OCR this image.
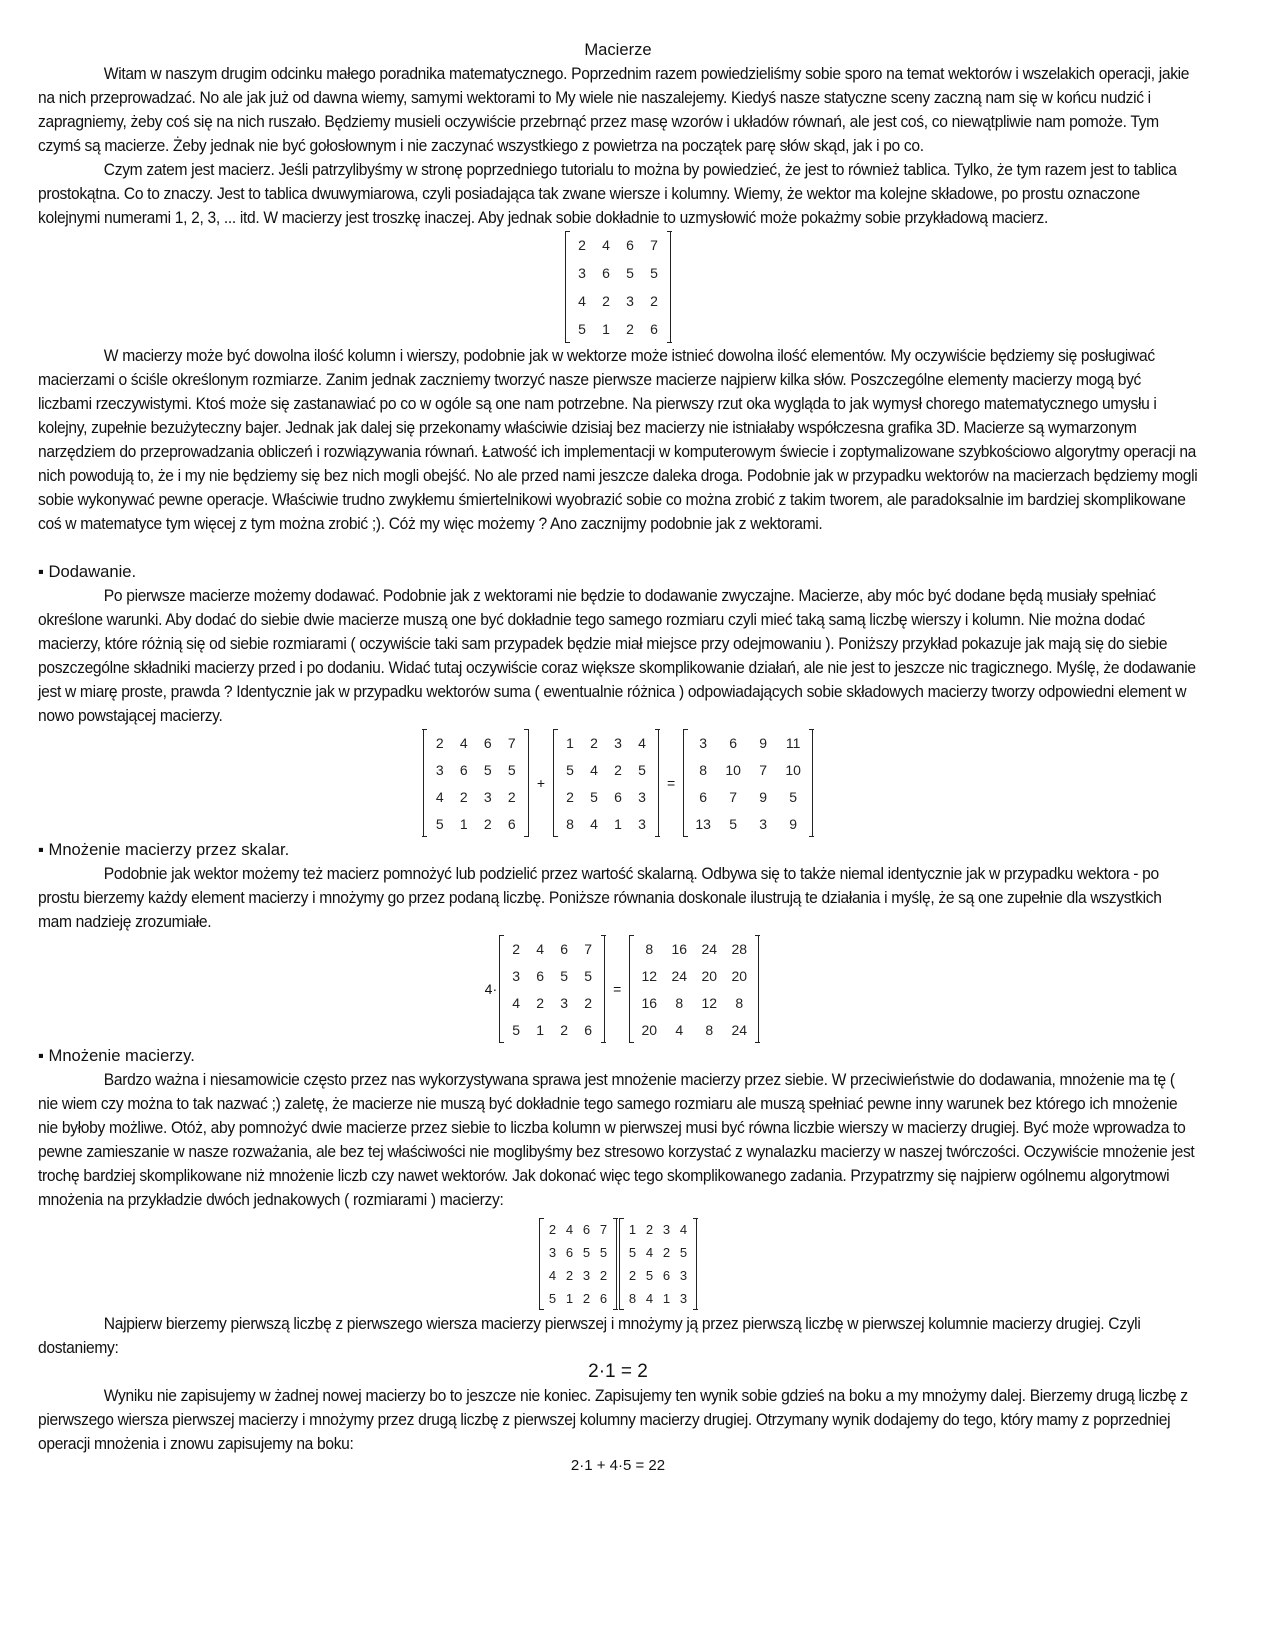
Macierze

Witam w naszym drugim odcinku małego poradnika matematycznego. Poprzednim razem powiedzieliśmy sobie sporo na temat wektorów i wszelakich operacji, jakie na nich przeprowadzać. No ale jak już od dawna wiemy, samymi wektorami to My wiele nie naszalejemy. Kiedyś nasze statyczne sceny zaczną nam się w końcu nudzić i zapragniemy, żeby coś się na nich ruszało. Będziemy musieli oczywiście przebrnąć przez masę wzorów i układów równań, ale jest coś, co niewątpliwie nam pomoże. Tym czymś są macierze. Żeby jednak nie być gołosłownym i nie zaczynać wszystkiego z powietrza na początek parę słów skąd, jak i po co.

Czym zatem jest macierz. Jeśli patrzylibyśmy w stronę poprzedniego tutorialu to można by powiedzieć, że jest to również tablica. Tylko, że tym razem jest to tablica prostokątna. Co to znaczy. Jest to tablica dwuwymiarowa, czyli posiadająca tak zwane wiersze i kolumny. Wiemy, że wektor ma kolejne składowe, po prostu oznaczone kolejnymi numerami 1, 2, 3, ... itd. W macierzy jest troszkę inaczej. Aby jednak sobie dokładnie to uzmysłowić może pokażmy sobie przykładową macierz.

2	4	6	7
3	6	5	5
4	2	3	2
5	1	2	6

W macierzy może być dowolna ilość kolumn i wierszy, podobnie jak w wektorze może istnieć dowolna ilość elementów. My oczywiście będziemy się posługiwać macierzami o ściśle określonym rozmiarze. Zanim jednak zaczniemy tworzyć nasze pierwsze macierze najpierw kilka słów. Poszczególne elementy macierzy mogą być liczbami rzeczywistymi. Ktoś może się zastanawiać po co w ogóle są one nam potrzebne. Na pierwszy rzut oka wygląda to jak wymysł chorego matematycznego umysłu i kolejny, zupełnie bezużyteczny bajer. Jednak jak dalej się przekonamy właściwie dzisiaj bez macierzy nie istniałaby współczesna grafika 3D. Macierze są wymarzonym narzędziem do przeprowadzania obliczeń i rozwiązywania równań. Łatwość ich implementacji w komputerowym świecie i zoptymalizowane szybkościowo algorytmy operacji na nich powodują to, że i my nie będziemy się bez nich mogli obejść. No ale przed nami jeszcze daleka droga. Podobnie jak w przypadku wektorów na macierzach będziemy mogli sobie wykonywać pewne operacje. Właściwie trudno zwykłemu śmiertelnikowi wyobrazić sobie co można zrobić z takim tworem, ale paradoksalnie im bardziej skomplikowane coś w matematyce tym więcej z tym można zrobić ;). Cóż my więc możemy ? Ano zacznijmy podobnie jak z wektorami.

▪ Dodawanie.

Po pierwsze macierze możemy dodawać. Podobnie jak z wektorami nie będzie to dodawanie zwyczajne. Macierze, aby móc być dodane będą musiały spełniać określone warunki. Aby dodać do siebie dwie macierze muszą one być dokładnie tego samego rozmiaru czyli mieć taką samą liczbę wierszy i kolumn. Nie można dodać macierzy, które różnią się od siebie rozmiarami ( oczywiście taki sam przypadek będzie miał miejsce przy odejmowaniu ). Poniższy przykład pokazuje jak mają się do siebie poszczególne składniki macierzy przed i po dodaniu. Widać tutaj oczywiście coraz większe skomplikowanie działań, ale nie jest to jeszcze nic tragicznego. Myślę, że dodawanie jest w miarę proste, prawda ? Identycznie jak w przypadku wektorów suma ( ewentualnie różnica ) odpowiadających sobie składowych macierzy tworzy odpowiedni element w nowo powstającej macierzy.

2	4	6	7
3	6	5	5
4	2	3	2
5	1	2	6
+
1	2	3	4
5	4	2	5
2	5	6	3
8	4	1	3
=
3	6	9	11
8	10	7	10
6	7	9	5
13	5	3	9

▪ Mnożenie macierzy przez skalar.

Podobnie jak wektor możemy też macierz pomnożyć lub podzielić przez wartość skalarną. Odbywa się to także niemal identycznie jak w przypadku wektora - po prostu bierzemy każdy element macierzy i mnożymy go przez podaną liczbę. Poniższe równania doskonale ilustrują te działania i myślę, że są one zupełnie dla wszystkich mam nadzieję zrozumiałe.

4·
2	4	6	7
3	6	5	5
4	2	3	2
5	1	2	6
=
8	16	24	28
12	24	20	20
16	8	12	8
20	4	8	24

▪ Mnożenie macierzy.

Bardzo ważna i niesamowicie często przez nas wykorzystywana sprawa jest mnożenie macierzy przez siebie. W przeciwieństwie do dodawania, mnożenie ma tę ( nie wiem czy można to tak nazwać ;) zaletę, że macierze nie muszą być dokładnie tego samego rozmiaru ale muszą spełniać pewne inny warunek bez którego ich mnożenie nie byłoby możliwe. Otóż, aby pomnożyć dwie macierze przez siebie to liczba kolumn w pierwszej musi być równa liczbie wierszy w macierzy drugiej. Być może wprowadza to pewne zamieszanie w nasze rozważania, ale bez tej właściwości nie moglibyśmy bez stresowo korzystać z wynalazku macierzy w naszej twórczości. Oczywiście mnożenie jest trochę bardziej skomplikowane niż mnożenie liczb czy nawet wektorów. Jak dokonać więc tego skomplikowanego zadania. Przypatrzmy się najpierw ogólnemu algorytmowi mnożenia na przykładzie dwóch jednakowych ( rozmiarami ) macierzy:

2	4	6	7
3	6	5	5
4	2	3	2
5	1	2	6
1	2	3	4
5	4	2	5
2	5	6	3
8	4	1	3

Najpierw bierzemy pierwszą liczbę z pierwszego wiersza macierzy pierwszej i mnożymy ją przez pierwszą liczbę w pierwszej kolumnie macierzy drugiej. Czyli dostaniemy:

2·1 = 2

Wyniku nie zapisujemy w żadnej nowej macierzy bo to jeszcze nie koniec. Zapisujemy ten wynik sobie gdzieś na boku a my mnożymy dalej. Bierzemy drugą liczbę z pierwszego wiersza pierwszej macierzy i mnożymy przez drugą liczbę z pierwszej kolumny macierzy drugiej. Otrzymany wynik dodajemy do tego, który mamy z poprzedniej operacji mnożenia i znowu zapisujemy na boku:

2·1 + 4·5 = 22
